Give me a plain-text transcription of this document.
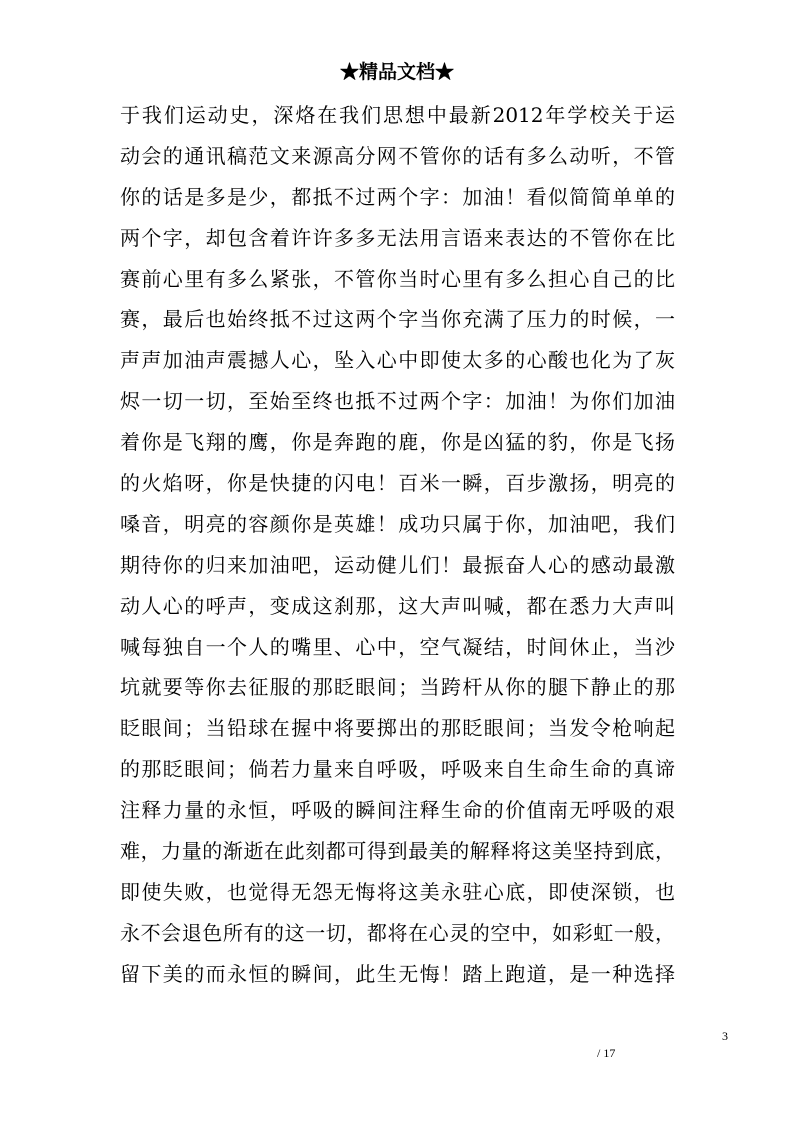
★精品文档★
于我们运动史，深烙在我们思想中最新2012年学校关于运
动会的通讯稿范文来源高分网不管你的话有多么动听，不管
你的话是多是少，都抵不过两个字：加油！看似简简单单的
两个字，却包含着许许多多无法用言语来表达的不管你在比
赛前心里有多么紧张，不管你当时心里有多么担心自己的比
赛，最后也始终抵不过这两个字当你充满了压力的时候，一
声声加油声震撼人心，坠入心中即使太多的心酸也化为了灰
烬一切一切，至始至终也抵不过两个字：加油！为你们加油
着你是飞翔的鹰，你是奔跑的鹿，你是凶猛的豹，你是飞扬
的火焰呀，你是快捷的闪电！百米一瞬，百步激扬，明亮的
嗓音，明亮的容颜你是英雄！成功只属于你，加油吧，我们
期待你的归来加油吧，运动健儿们！最振奋人心的感动最激
动人心的呼声，变成这刹那，这大声叫喊，都在悉力大声叫
喊每独自一个人的嘴里、心中，空气凝结，时间休止，当沙
坑就要等你去征服的那眨眼间；当跨杆从你的腿下静止的那
眨眼间；当铅球在握中将要掷出的那眨眼间；当发令枪响起
的那眨眼间；倘若力量来自呼吸，呼吸来自生命生命的真谛
注释力量的永恒，呼吸的瞬间注释生命的价值南无呼吸的艰
难，力量的渐逝在此刻都可得到最美的解释将这美坚持到底，
即使失败，也觉得无怨无悔将这美永驻心底，即使深锁，也
永不会退色所有的这一切，都将在心灵的空中，如彩虹一般，
留下美的而永恒的瞬间，此生无悔！踏上跑道，是一种选择
3
/ 17
